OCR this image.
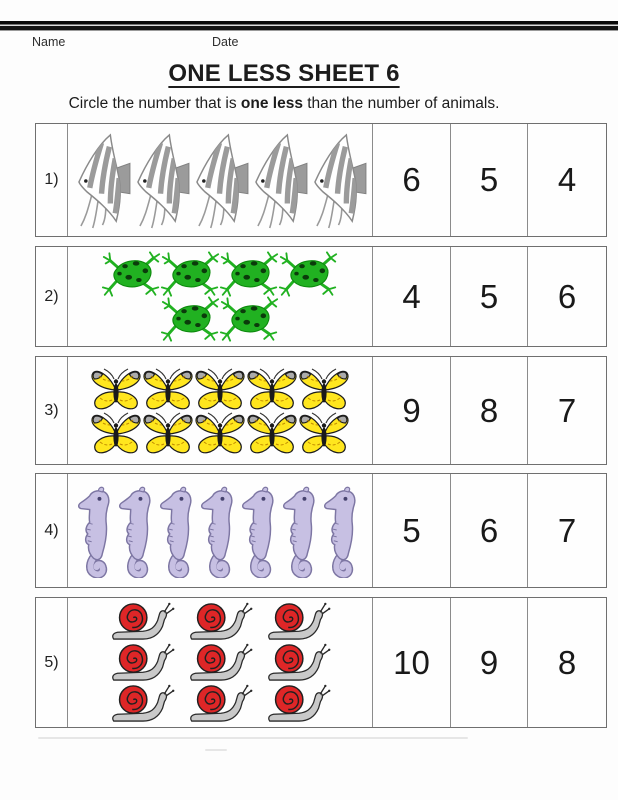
Name	Date
ONE LESS SHEET 6
Circle the number that is one less than the number of animals.
1)	6	5	4
2)	4	5	6
3)	9	8	7
4)	5	6	7
5)	10	9	8
